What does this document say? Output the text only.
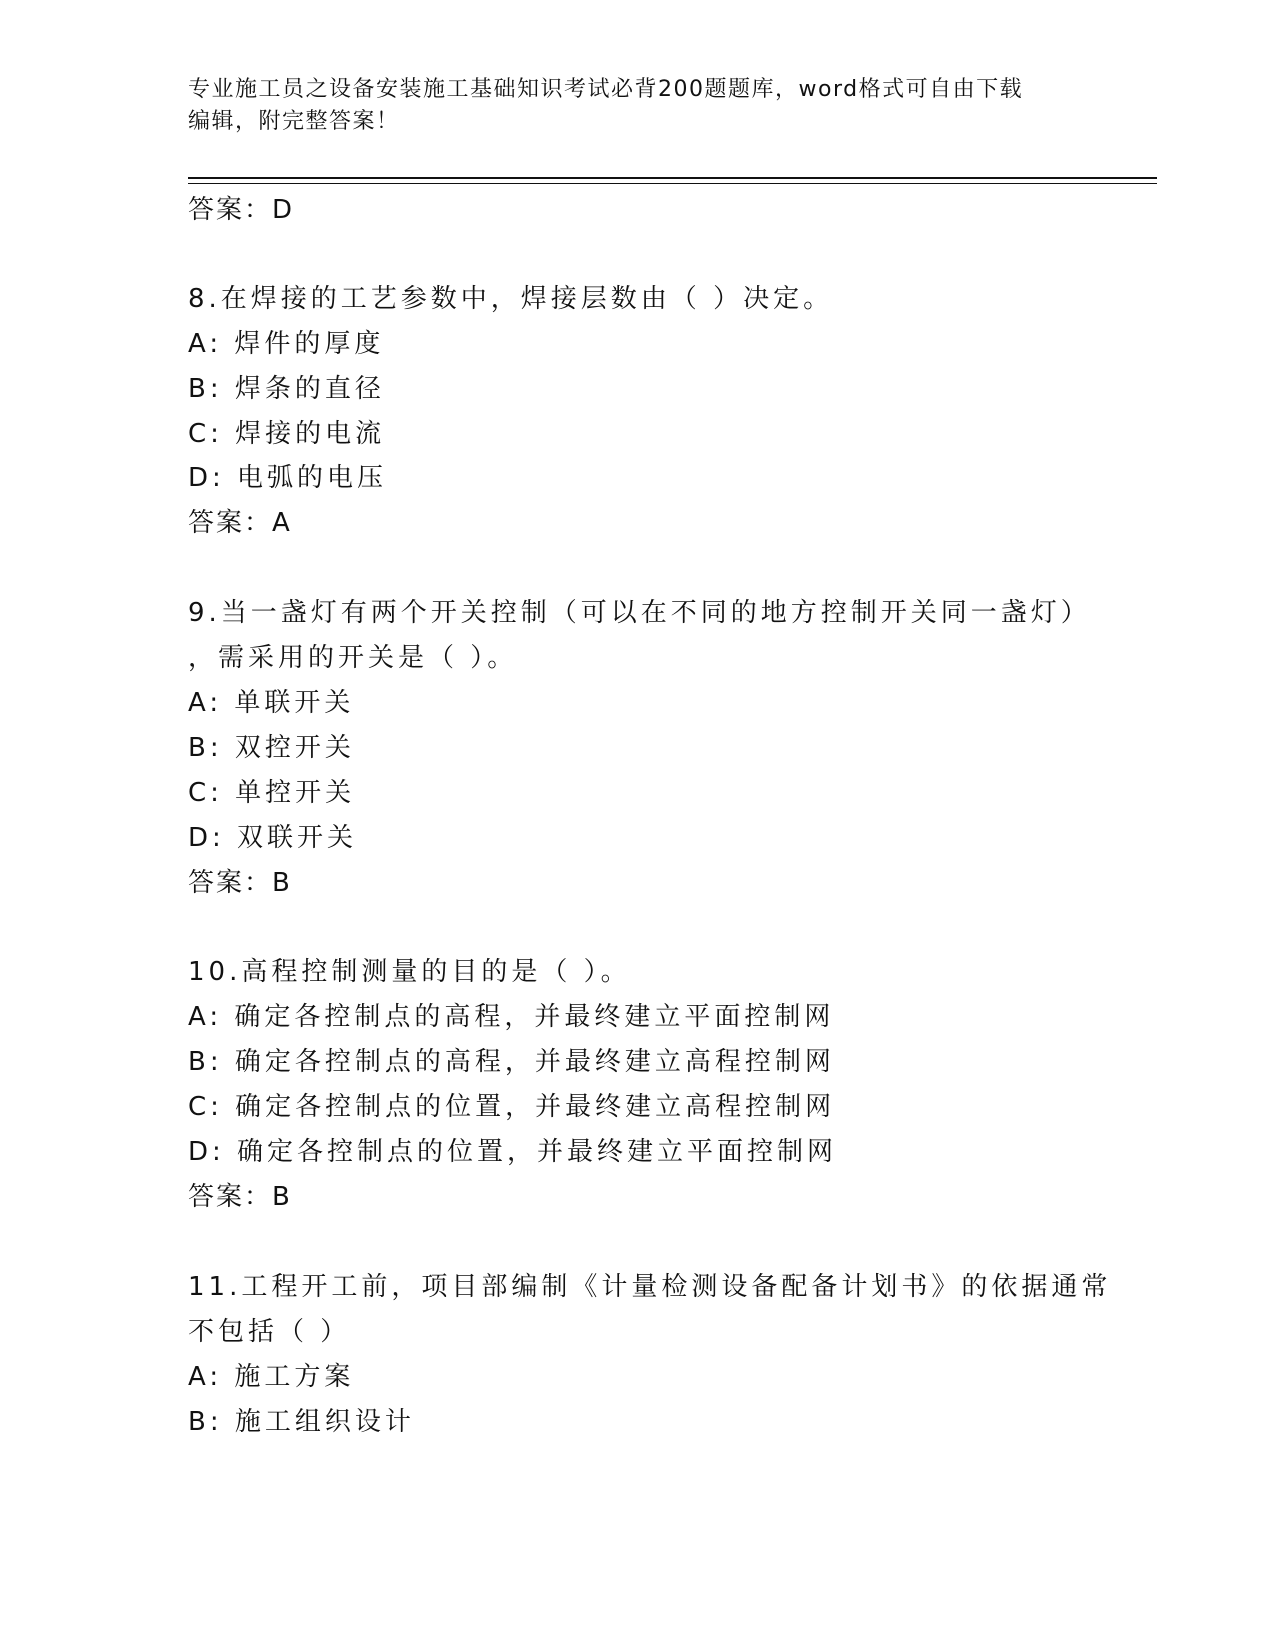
专业施工员之设备安装施工基础知识考试必背200题题库，word格式可自由下载
编辑，附完整答案！
答案：D
8.在焊接的工艺参数中，焊接层数由（ ）决定。
A: 焊件的厚度
B: 焊条的直径
C: 焊接的电流
D: 电弧的电压
答案：A
9.当一盏灯有两个开关控制（可以在不同的地方控制开关同一盏灯）
，需采用的开关是（ ）。
A: 单联开关
B: 双控开关
C: 单控开关
D: 双联开关
答案：B
10.高程控制测量的目的是（ ）。
A: 确定各控制点的高程，并最终建立平面控制网
B: 确定各控制点的高程，并最终建立高程控制网
C: 确定各控制点的位置，并最终建立高程控制网
D: 确定各控制点的位置，并最终建立平面控制网
答案：B
11.工程开工前，项目部编制《计量检测设备配备计划书》的依据通常
不包括（ ）
A: 施工方案
B: 施工组织设计
